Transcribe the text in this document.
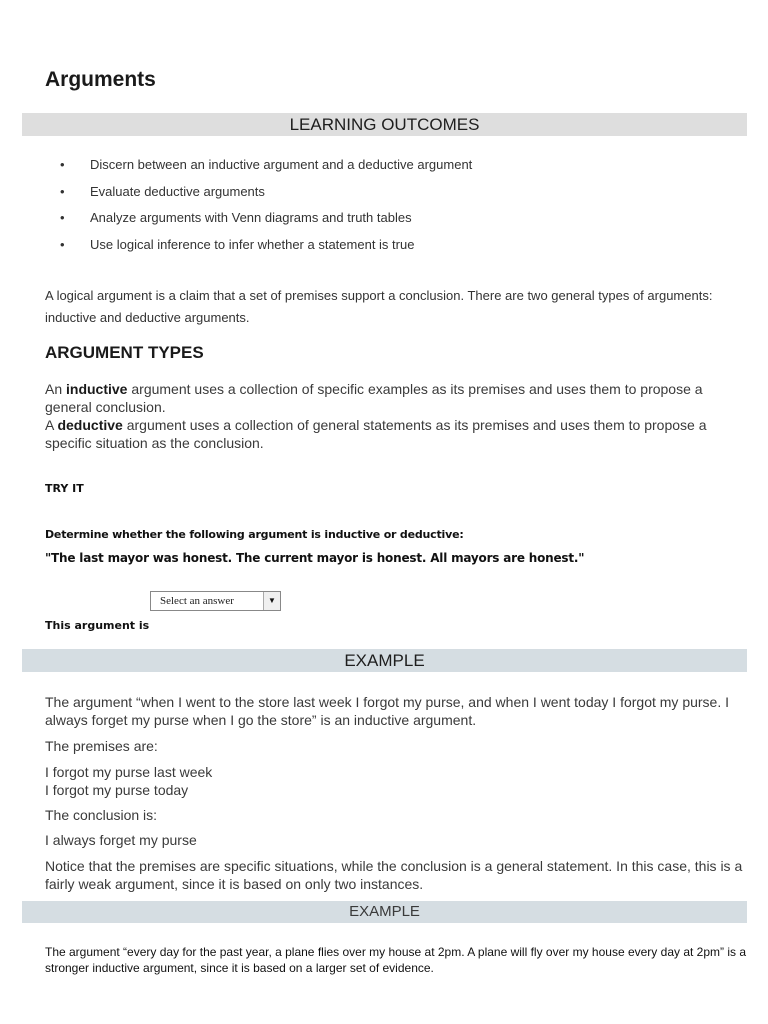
Arguments
LEARNING OUTCOMES
• Discern between an inductive argument and a deductive argument
• Evaluate deductive arguments
• Analyze arguments with Venn diagrams and truth tables
• Use logical inference to infer whether a statement is true

A logical argument is a claim that a set of premises support a conclusion. There are two general types of arguments: inductive and deductive arguments.

ARGUMENT TYPES

An inductive argument uses a collection of specific examples as its premises and uses them to propose a general conclusion.
A deductive argument uses a collection of general statements as its premises and uses them to propose a specific situation as the conclusion.

TRY IT

Determine whether the following argument is inductive or deductive:

"The last mayor was honest. The current mayor is honest. All mayors are honest."

Select an answer	▼

This argument is

EXAMPLE

The argument “when I went to the store last week I forgot my purse, and when I went today I forgot my purse. I always forget my purse when I go the store” is an inductive argument.

The premises are:

I forgot my purse last week
I forgot my purse today

The conclusion is:

I always forget my purse

Notice that the premises are specific situations, while the conclusion is a general statement. In this case, this is a fairly weak argument, since it is based on only two instances.

EXAMPLE

The argument “every day for the past year, a plane flies over my house at 2pm. A plane will fly over my house every day at 2pm” is a stronger inductive argument, since it is based on a larger set of evidence.
